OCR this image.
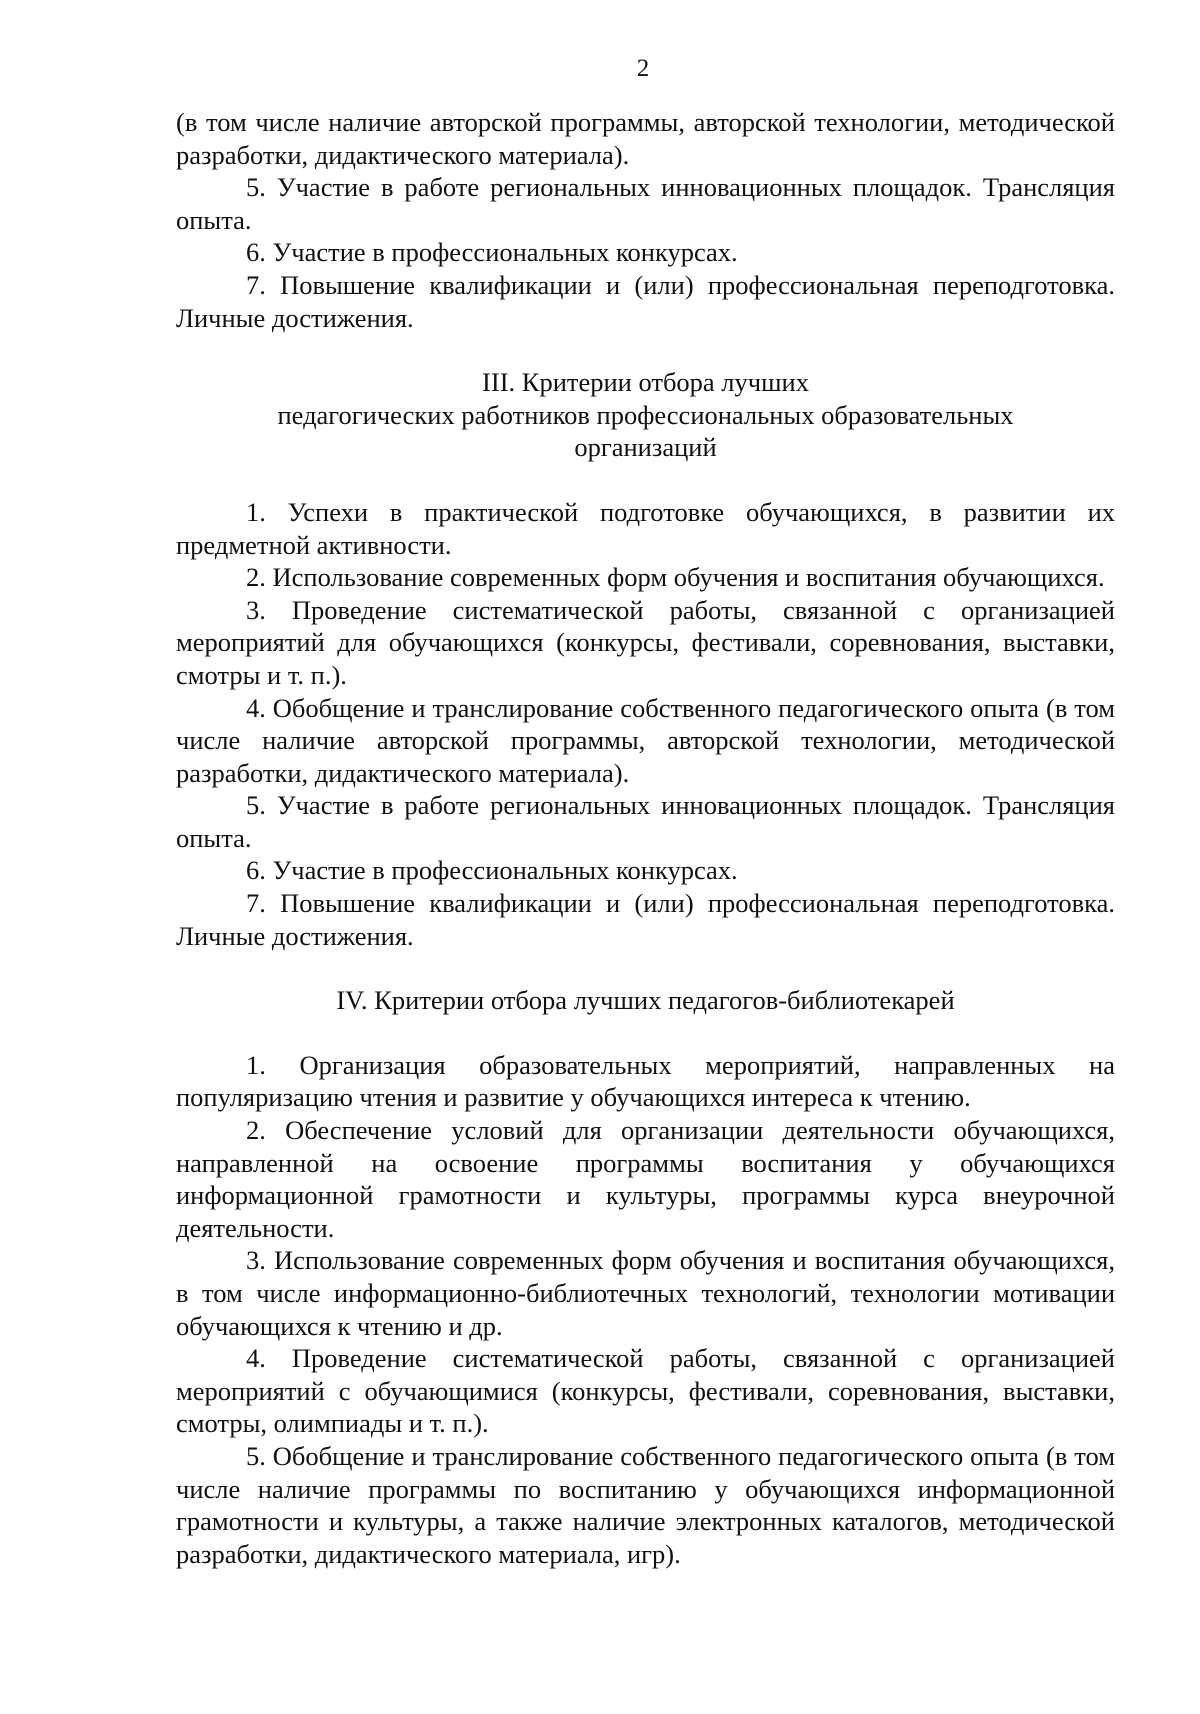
2

(в том числе наличие авторской программы, авторской технологии, методической разработки, дидактического материала).

5. Участие в работе региональных инновационных площадок. Трансляция опыта.

6. Участие в профессиональных конкурсах.

7. Повышение квалификации и (или) профессиональная переподготовка. Личные достижения.

III. Критерии отбора лучших

педагогических работников профессиональных образовательных

организаций

1. Успехи в практической подготовке обучающихся, в развитии их предметной активности.

2. Использование современных форм обучения и воспитания обучающихся.

3. Проведение систематической работы, связанной с организацией мероприятий для обучающихся (конкурсы, фестивали, соревнования, выставки, смотры и т. п.).

4. Обобщение и транслирование собственного педагогического опыта (в том числе наличие авторской программы, авторской технологии, методической разработки, дидактического материала).

5. Участие в работе региональных инновационных площадок. Трансляция опыта.

6. Участие в профессиональных конкурсах.

7. Повышение квалификации и (или) профессиональная переподготовка. Личные достижения.

IV. Критерии отбора лучших педагогов-библиотекарей

1. Организация образовательных мероприятий, направленных на популяризацию чтения и развитие у обучающихся интереса к чтению.

2. Обеспечение условий для организации деятельности обучающихся, направленной на освоение программы воспитания у обучающихся информационной грамотности и культуры, программы курса внеурочной деятельности.

3. Использование современных форм обучения и воспитания обучающихся, в том числе информационно-библиотечных технологий, технологии мотивации обучающихся к чтению и др.

4. Проведение систематической работы, связанной с организацией мероприятий с обучающимися (конкурсы, фестивали, соревнования, выставки, смотры, олимпиады и т. п.).

5. Обобщение и транслирование собственного педагогического опыта (в том числе наличие программы по воспитанию у обучающихся информационной грамотности и культуры, а также наличие электронных каталогов, методической разработки, дидактического материала, игр).
